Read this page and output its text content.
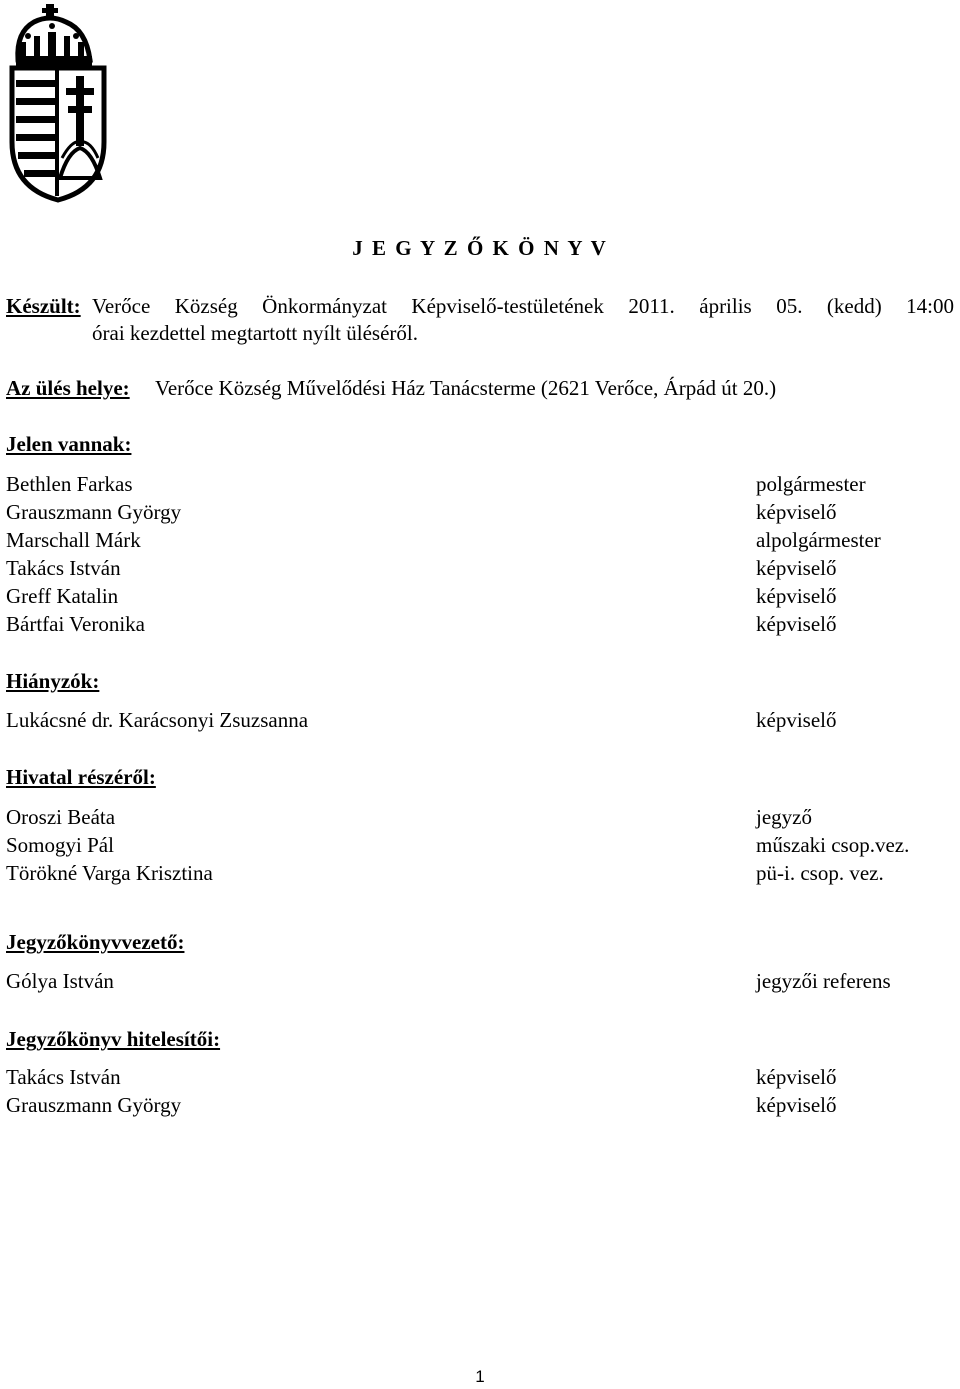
J E G Y Z Ő K Ö N Y V
Készült: Verőce Község Önkormányzat Képviselő-testületének 2011. április 05. (kedd) 14:00
órai kezdettel megtartott nyílt üléséről.
Az ülés helye: Verőce Község Művelődési Ház Tanácsterme (2621 Verőce, Árpád út 20.)
Jelen vannak:
Bethlen Farkas	polgármester
Grauszmann György	képviselő
Marschall Márk	alpolgármester
Takács István	képviselő
Greff Katalin	képviselő
Bártfai Veronika	képviselő
Hiányzók:
Lukácsné dr. Karácsonyi Zsuzsanna	képviselő
Hivatal részéről:
Oroszi Beáta	jegyző
Somogyi Pál	műszaki csop.vez.
Törökné Varga Krisztina	pü-i. csop. vez.
Jegyzőkönyvvezető:
Gólya István	jegyzői referens
Jegyzőkönyv hitelesítői:
Takács István	képviselő
Grauszmann György	képviselő
1
